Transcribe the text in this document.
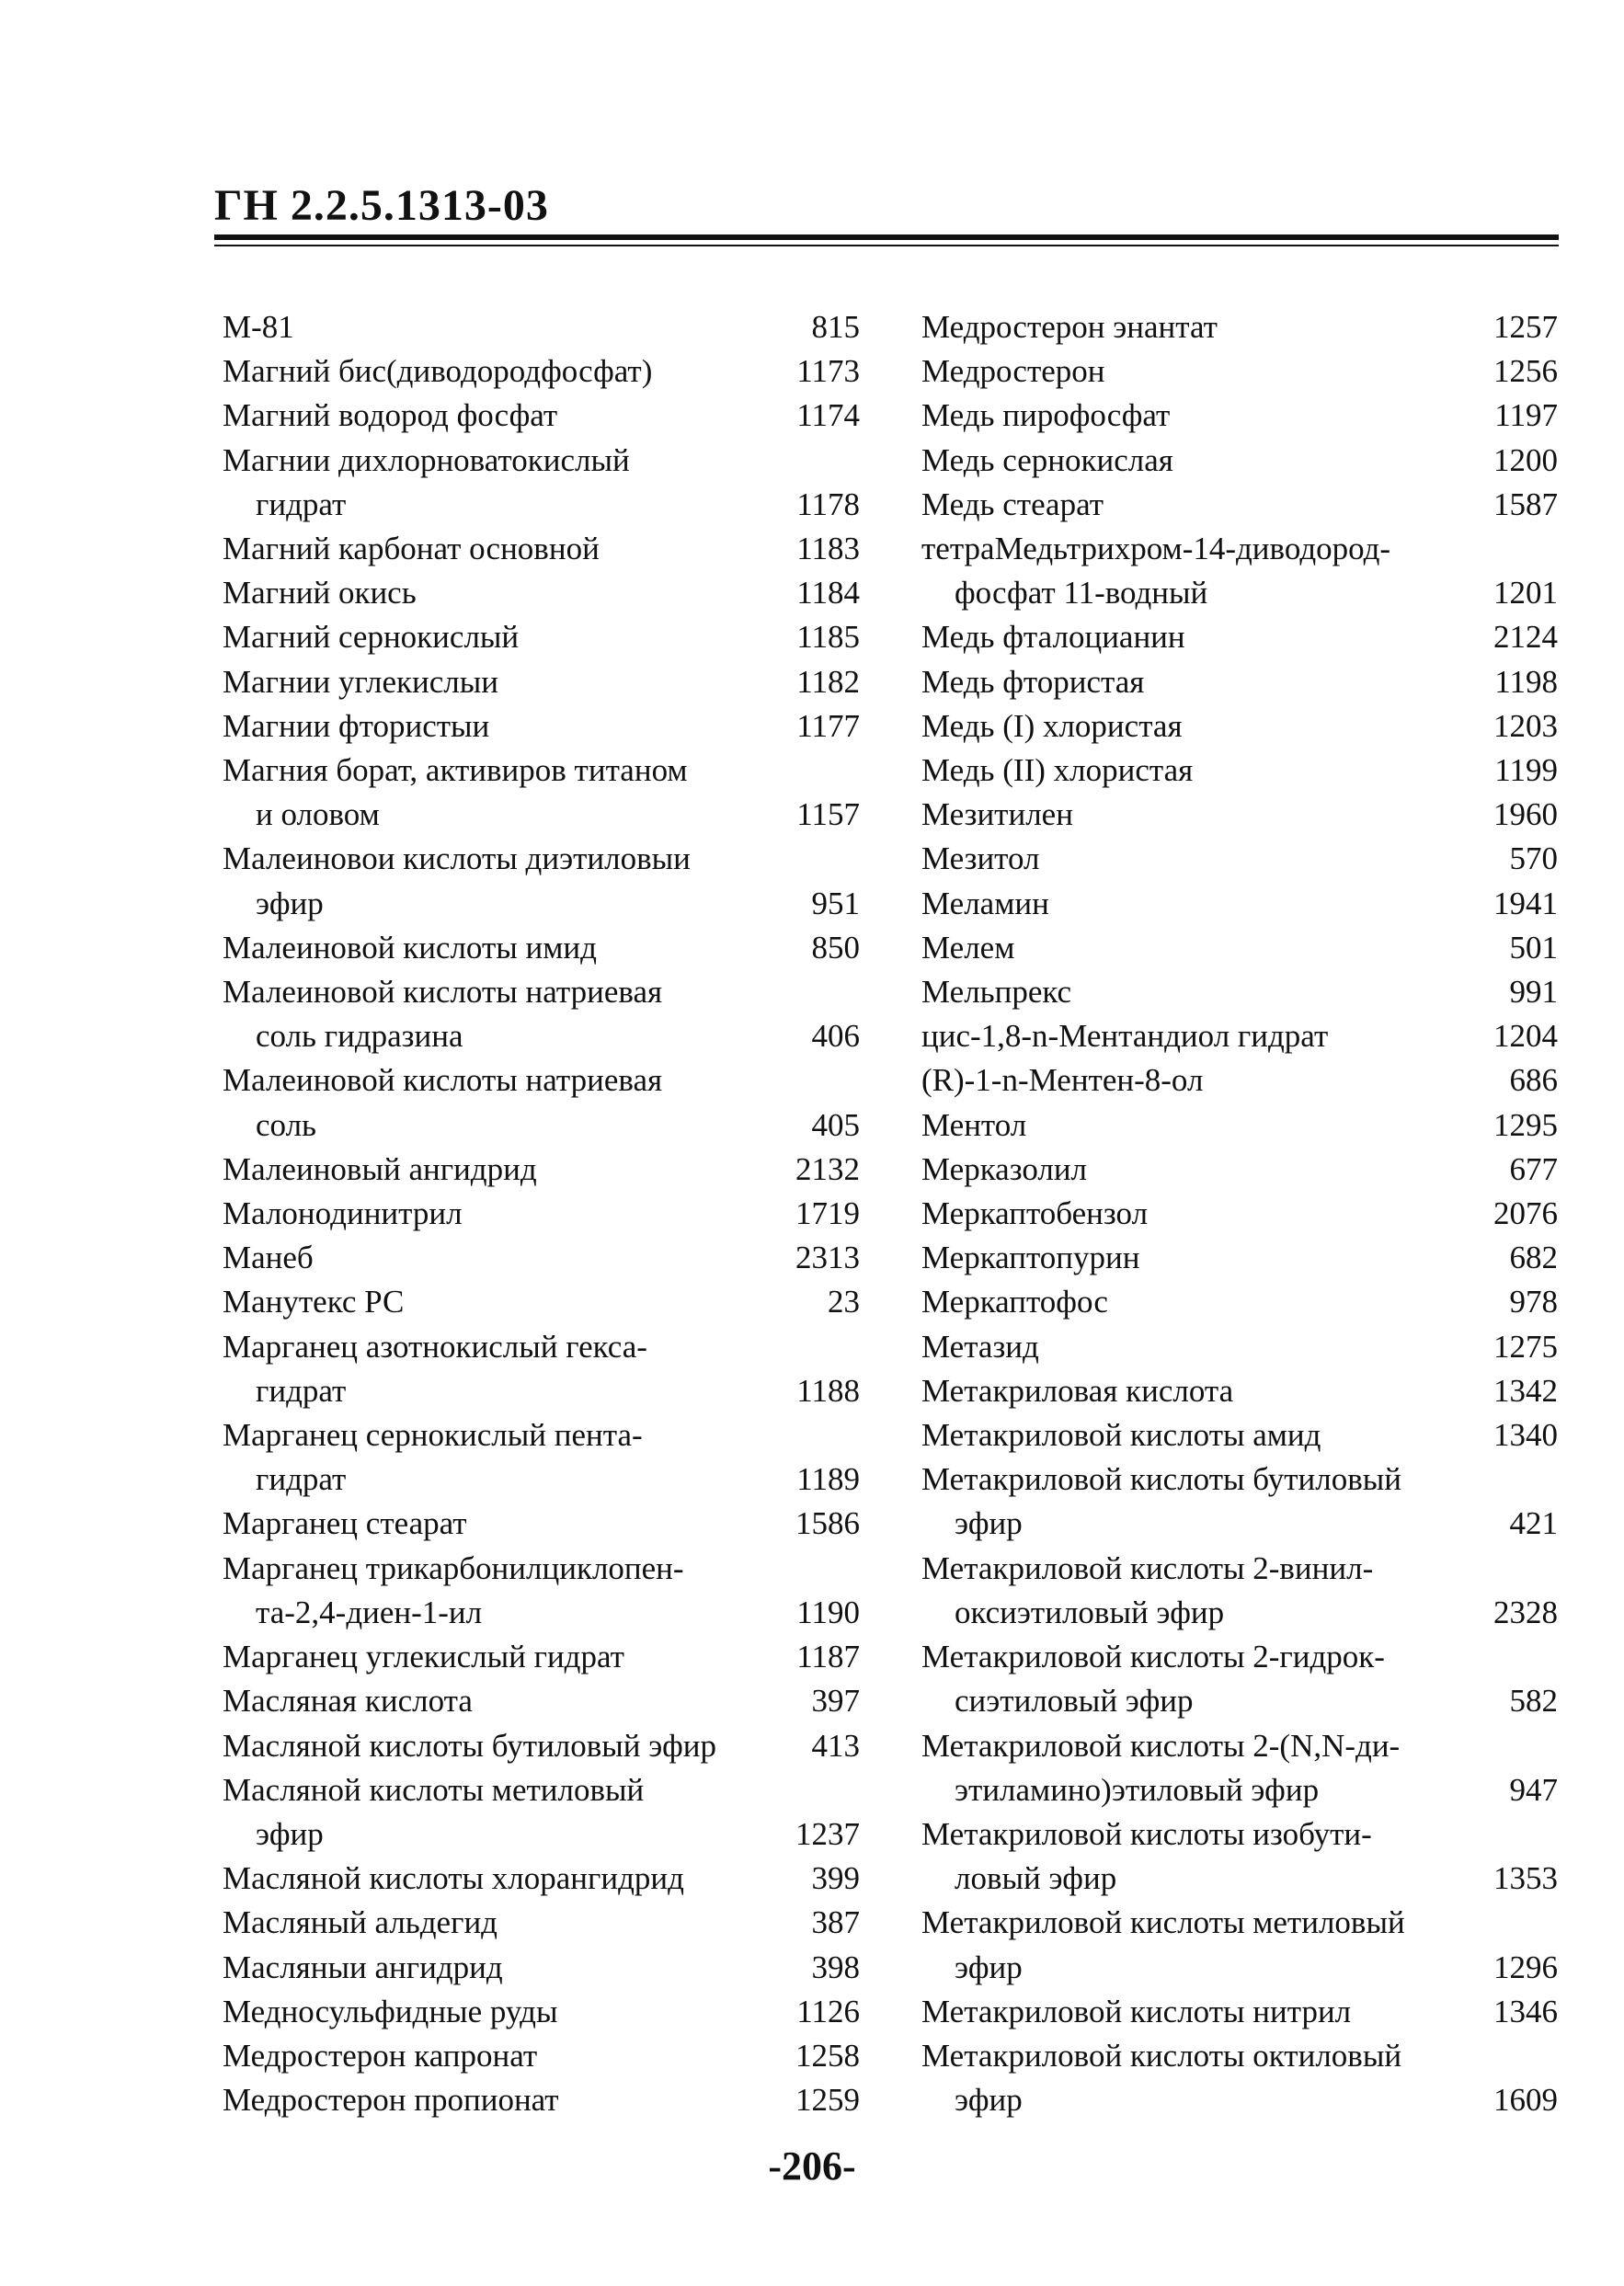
ГН 2.2.5.1313-03
М-81	815
Магний бис(диводородфосфат)	1173
Магний водород фосфат	1174
Магнии дихлорноватокислый
гидрат	1178
Магний карбонат основной	1183
Магний окись	1184
Магний сернокислый	1185
Магнии углекислыи	1182
Магнии фтористыи	1177
Магния борат, активиров титаном
и оловом	1157
Малеиновои кислоты диэтиловыи
эфир	951
Малеиновой кислоты имид	850
Малеиновой кислоты натриевая
соль гидразина	406
Малеиновой кислоты натриевая
соль	405
Малеиновый ангидрид	2132
Малонодинитрил	1719
Манеб	2313
Манутекс РС	23
Марганец азотнокислый гекса-
гидрат	1188
Марганец сернокислый пента-
гидрат	1189
Марганец стеарат	1586
Марганец трикарбонилциклопен-
та-2,4-диен-1-ил	1190
Марганец углекислый гидрат	1187
Масляная кислота	397
Масляной кислоты бутиловый эфир	413
Масляной кислоты метиловый
эфир	1237
Масляной кислоты хлорангидрид	399
Масляный альдегид	387
Масляныи ангидрид	398
Медносульфидные руды	1126
Медростерон капронат	1258
Медростерон пропионат	1259
Медростерон энантат	1257
Медростерон	1256
Медь пирофосфат	1197
Медь сернокислая	1200
Медь стеарат	1587
тетраМедьтрихром-14-диводород-
фосфат 11-водный	1201
Медь фталоцианин	2124
Медь фтористая	1198
Медь (I) хлористая	1203
Медь (II) хлористая	1199
Мезитилен	1960
Мезитол	570
Меламин	1941
Мелем	501
Мельпрекс	991
цис-1,8-n-Ментандиол гидрат	1204
(R)-1-n-Ментен-8-ол	686
Ментол	1295
Мерказолил	677
Меркаптобензол	2076
Меркаптопурин	682
Меркаптофос	978
Метазид	1275
Метакриловая кислота	1342
Метакриловой кислоты амид	1340
Метакриловой кислоты бутиловый
эфир	421
Метакриловой кислоты 2-винил-
оксиэтиловый эфир	2328
Метакриловой кислоты 2-гидрок-
сиэтиловый эфир	582
Метакриловой кислоты 2-(N,N-ди-
этиламино)этиловый эфир	947
Метакриловой кислоты изобути-
ловый эфир	1353
Метакриловой кислоты метиловый
эфир	1296
Метакриловой кислоты нитрил	1346
Метакриловой кислоты октиловый
эфир	1609
-206-
